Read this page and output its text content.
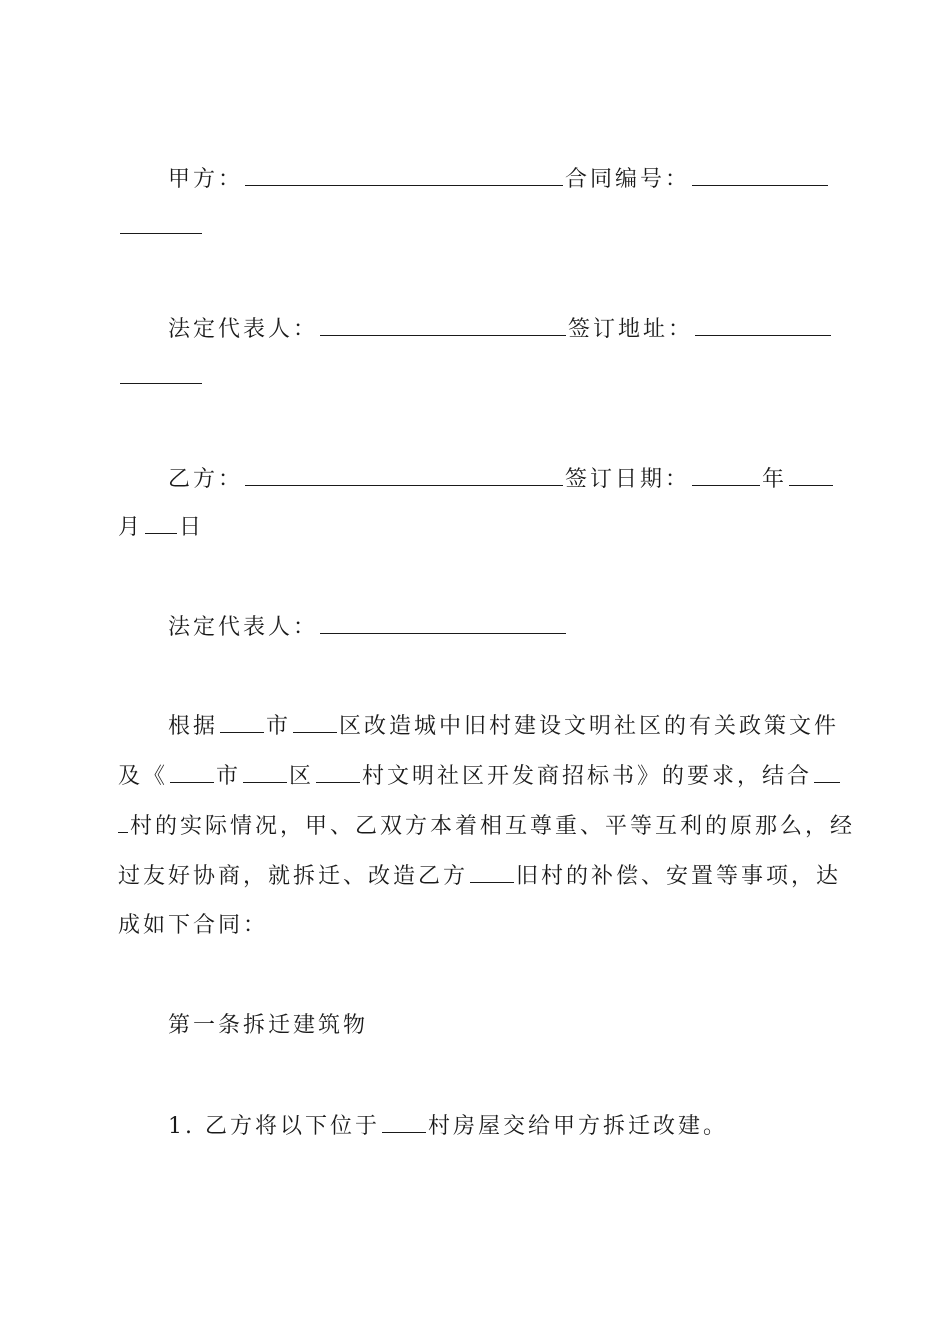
甲方：	合同编号：
法定代表人：	签订地址：
乙方：	签订日期：	年
月 日
法定代表人：
根据 市 区改造城中旧村建设文明社区的有关政策文件
及《 市 区 村文明社区开发商招标书》的要求，结合
村的实际情况，甲、乙双方本着相互尊重、平等互利的原那么，经
过友好协商，就拆迁、改造乙方 旧村的补偿、安置等事项，达
成如下合同：
第一条拆迁建筑物
1. 乙方将以下位于 村房屋交给甲方拆迁改建。
